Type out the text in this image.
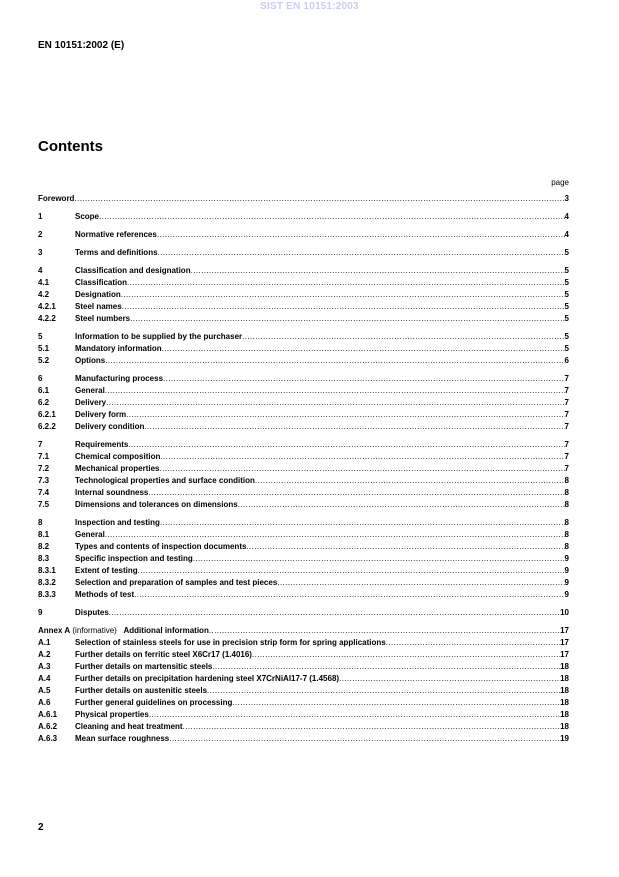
SIST EN 10151:2003
EN 10151:2002 (E)
Contents
page
Foreword .....	3
1	Scope .....	4
2	Normative references .....	4
3	Terms and definitions .....	5
4	Classification and designation .....	5
4.1	Classification .....	5
4.2	Designation .....	5
4.2.1 Steel names .....	5
4.2.2 Steel numbers .....	5
5	Information to be supplied by the purchaser .....	5
5.1	Mandatory information .....	5
5.2	Options .....	6
6	Manufacturing process .....	7
6.1	General .....	7
6.2	Delivery .....	7
6.2.1 Delivery form .....	7
6.2.2 Delivery condition .....	7
7	Requirements .....	7
7.1	Chemical composition .....	7
7.2	Mechanical properties .....	7
7.3	Technological properties and surface condition .....	8
7.4	Internal soundness .....	8
7.5	Dimensions and tolerances on dimensions .....	8
8	Inspection and testing .....	8
8.1	General .....	8
8.2	Types and contents of inspection documents .....	8
8.3	Specific inspection and testing .....	9
8.3.1 Extent of testing .....	9
8.3.2 Selection and preparation of samples and test pieces .....	9
8.3.3 Methods of test .....	9
9	Disputes .....	10
Annex A (informative)   Additional information .....	17
A.1	Selection of stainless steels for use in precision strip form for spring applications .....	17
A.2	Further details on ferritic steel X6Cr17 (1.4016) .....	17
A.3	Further details on martensitic steels .....	18
A.4	Further details on precipitation hardening steel X7CrNiAl17-7 (1.4568) .....	18
A.5	Further details on austenitic steels .....	18
A.6	Further general guidelines on processing .....	18
A.6.1 Physical properties .....	18
A.6.2 Cleaning and heat treatment .....	18
A.6.3 Mean surface roughness .....	19
2
